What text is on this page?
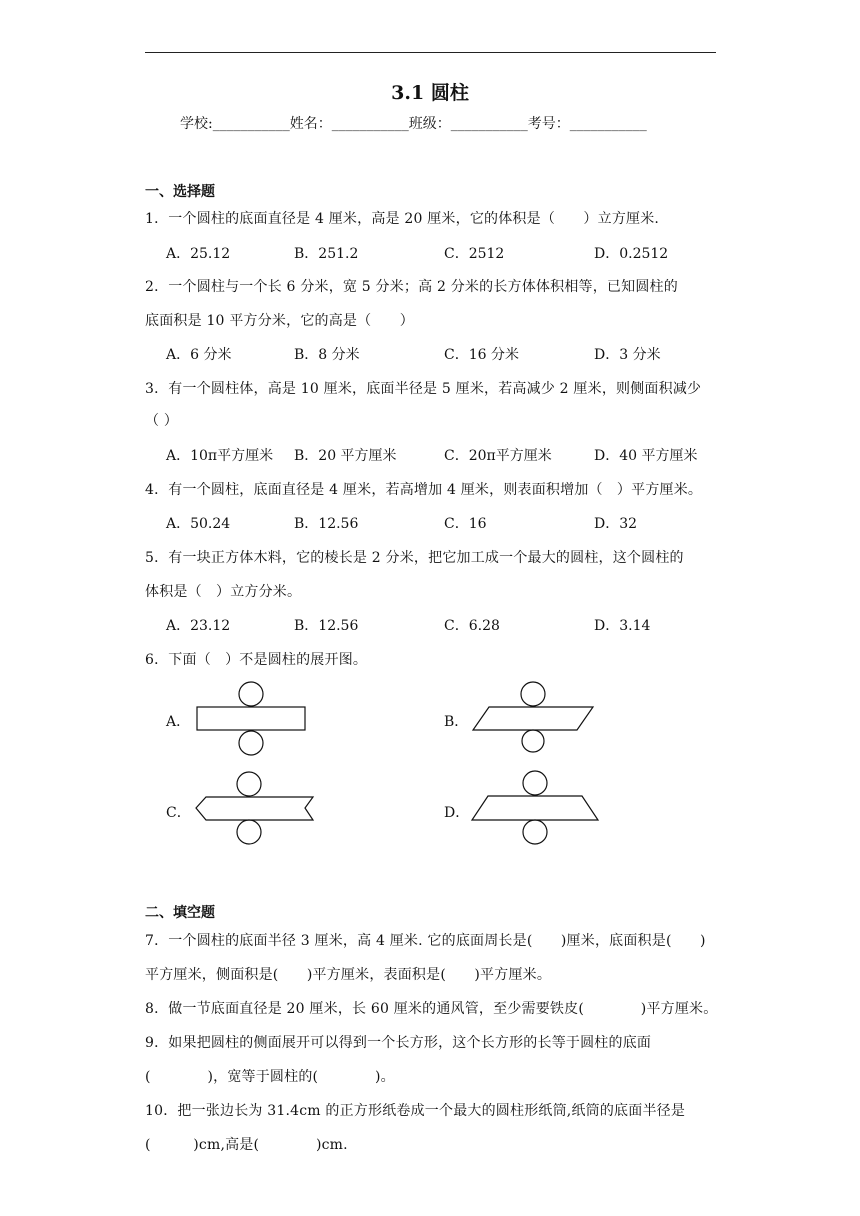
3.1 圆柱
学校:___________姓名：___________班级：___________考号：___________
一、选择题
1．一个圆柱的底面直径是 4 厘米，高是 20 厘米，它的体积是（　　）立方厘米.
A．25.12	B．251.2	C．2512	D．0.2512
2．一个圆柱与一个长 6 分米，宽 5 分米；高 2 分米的长方体体积相等，已知圆柱的
底面积是 10 平方分米，它的高是（　　）
A．6 分米	B．8 分米	C．16 分米	D．3 分米
3．有一个圆柱体，高是 10 厘米，底面半径是 5 厘米，若高减少 2 厘米，则侧面积减少
（ ）
A．10π平方厘米 B．20 平方厘米	C．20π平方厘米	D．40 平方厘米
4．有一个圆柱，底面直径是 4 厘米，若高增加 4 厘米，则表面积增加（　）平方厘米。
A．50.24	B．12.56	C．16	D．32
5．有一块正方体木料，它的棱长是 2 分米，把它加工成一个最大的圆柱，这个圆柱的
体积是（　）立方分米。
A．23.12	B．12.56	C．6.28	D．3.14
6．下面（　）不是圆柱的展开图。
A．	B．
C．	D．
二、填空题
7．一个圆柱的底面半径 3 厘米，高 4 厘米. 它的底面周长是(　　)厘米，底面积是(　　)
平方厘米，侧面积是(　　)平方厘米，表面积是(　　)平方厘米。
8．做一节底面直径是 20 厘米，长 60 厘米的通风管，至少需要铁皮(　　　　)平方厘米。
9．如果把圆柱的侧面展开可以得到一个长方形，这个长方形的长等于圆柱的底面
(　　　　)，宽等于圆柱的(　　　　)。
10．把一张边长为 31.4cm 的正方形纸卷成一个最大的圆柱形纸筒,纸筒的底面半径是
(　　　)cm,高是(　　　　)cm.
